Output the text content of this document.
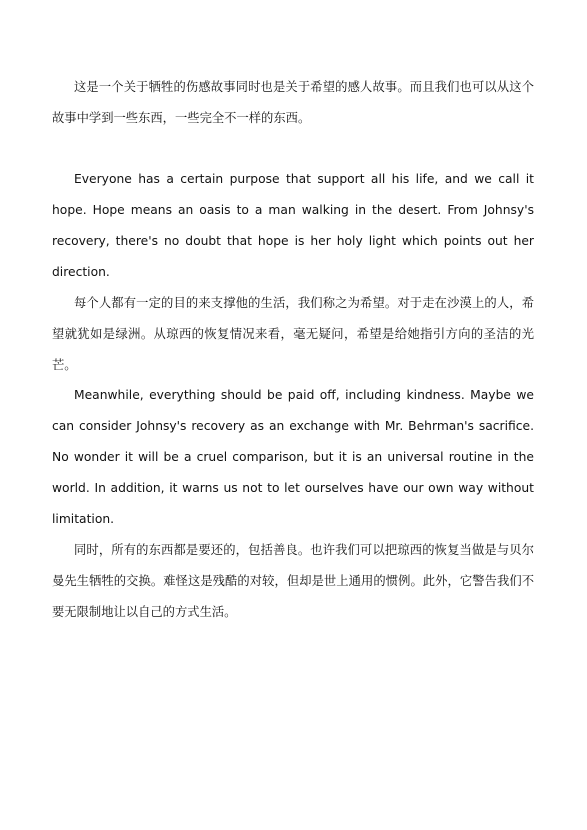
这是一个关于牺牲的伤感故事同时也是关于希望的感人故事。而且我们也可以从这个故事中学到一些东西，一些完全不一样的东西。

Everyone has a certain purpose that support all his life, and we call it hope. Hope means an oasis to a man walking in the desert. From Johnsy's recovery, there's no doubt that hope is her holy light which points out her direction.

每个人都有一定的目的来支撑他的生活，我们称之为希望。对于走在沙漠上的人，希望就犹如是绿洲。从琼西的恢复情况来看，毫无疑问，希望是给她指引方向的圣洁的光芒。

Meanwhile, everything should be paid off, including kindness. Maybe we can consider Johnsy's recovery as an exchange with Mr. Behrman's sacrifice. No wonder it will be a cruel comparison, but it is an universal routine in the world. In addition, it warns us not to let ourselves have our own way without limitation.

同时，所有的东西都是要还的，包括善良。也许我们可以把琼西的恢复当做是与贝尔曼先生牺牲的交换。难怪这是残酷的对较，但却是世上通用的惯例。此外，它警告我们不要无限制地让以自己的方式生活。
